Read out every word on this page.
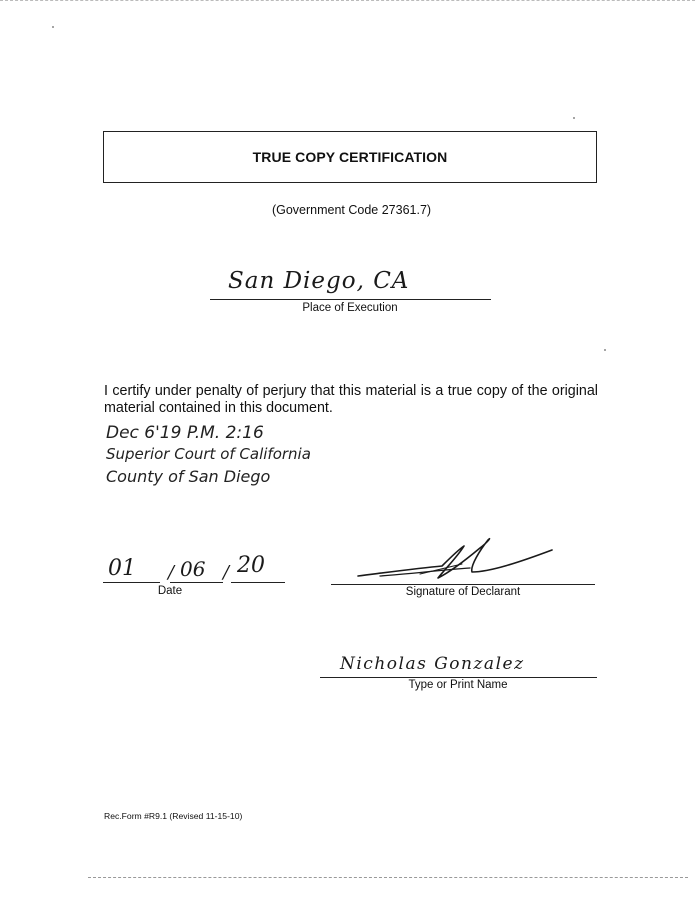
TRUE COPY CERTIFICATION
(Government Code 27361.7)
San Diego, CA
Place of Execution
I certify under penalty of perjury that this material is a true copy of the original material contained in this document.
Dec 6'19 P.M. 2:16
Superior Court of California
County of San Diego
01 / 06 / 20
Date	Signature of Declarant
Nicholas Gonzalez
Type or Print Name
Rec.Form #R9.1 (Revised 11-15-10)
